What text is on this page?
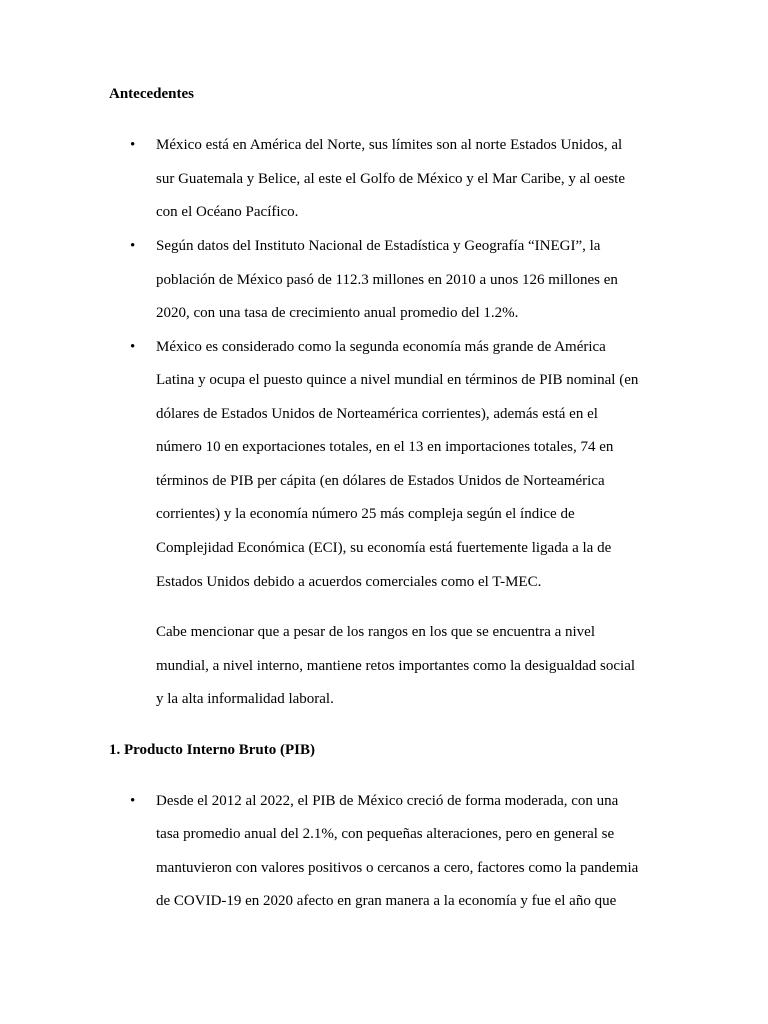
Antecedentes
• México está en América del Norte, sus límites son al norte Estados Unidos, al
sur Guatemala y Belice, al este el Golfo de México y el Mar Caribe, y al oeste
con el Océano Pacífico.
• Según datos del Instituto Nacional de Estadística y Geografía “INEGI”, la
población de México pasó de 112.3 millones en 2010 a unos 126 millones en
2020, con una tasa de crecimiento anual promedio del 1.2%.
• México es considerado como la segunda economía más grande de América
Latina y ocupa el puesto quince a nivel mundial en términos de PIB nominal (en
dólares de Estados Unidos de Norteamérica corrientes), además está en el
número 10 en exportaciones totales, en el 13 en importaciones totales, 74 en
términos de PIB per cápita (en dólares de Estados Unidos de Norteamérica
corrientes) y la economía número 25 más compleja según el índice de
Complejidad Económica (ECI), su economía está fuertemente ligada a la de
Estados Unidos debido a acuerdos comerciales como el T-MEC.
Cabe mencionar que a pesar de los rangos en los que se encuentra a nivel
mundial, a nivel interno, mantiene retos importantes como la desigualdad social
y la alta informalidad laboral.
1. Producto Interno Bruto (PIB)
• Desde el 2012 al 2022, el PIB de México creció de forma moderada, con una
tasa promedio anual del 2.1%, con pequeñas alteraciones, pero en general se
mantuvieron con valores positivos o cercanos a cero, factores como la pandemia
de COVID-19 en 2020 afecto en gran manera a la economía y fue el año que
